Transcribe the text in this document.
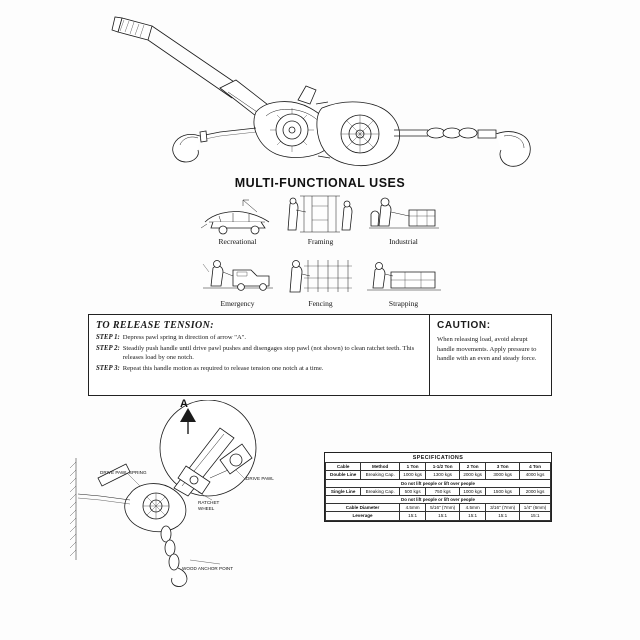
MULTI-FUNCTIONAL USES
Recreational	Framing	Industrial
Emergency	Fencing	Strapping
TO RELEASE TENSION:
STEP 1: Depress pawl spring in direction of arrow "A".
STEP 2: Steadily push handle until drive pawl pushes and disengages stop pawl (not shown) to clean ratchet teeth. This releases load by one notch.
STEP 3: Repeat this handle motion as required to release tension one notch at a time.
CAUTION:
When releasing load, avoid abrupt handle movements. Apply pressure to handle with an even and steady force.
A
DRIVE PAWL SPRING
DRIVE PAWL
RATCHET
WHEEL
WOOD ANCHOR POINT
SPECIFICATIONS						
Cable	Method	1 Ton	1-1/2 Ton	2 Ton	3 Ton	4 Ton
Double Line	Breaking Cap.	1000 kgs	1300 kgs	2000 kgs	3000 kgs	4000 kgs
Do not lift people or lift over people						
Single Line	Breaking Cap.	500 kgs	750 kgs	1000 kgs	1500 kgs	2000 kgs
Do not lift people or lift over people						
Cable Diameter		4.5mm	5/16" (7mm)	4.5mm	3/16" (7mm)	1/4" (6mm)
Leverage		15:1	15:1	15:1	15:1	15:1
